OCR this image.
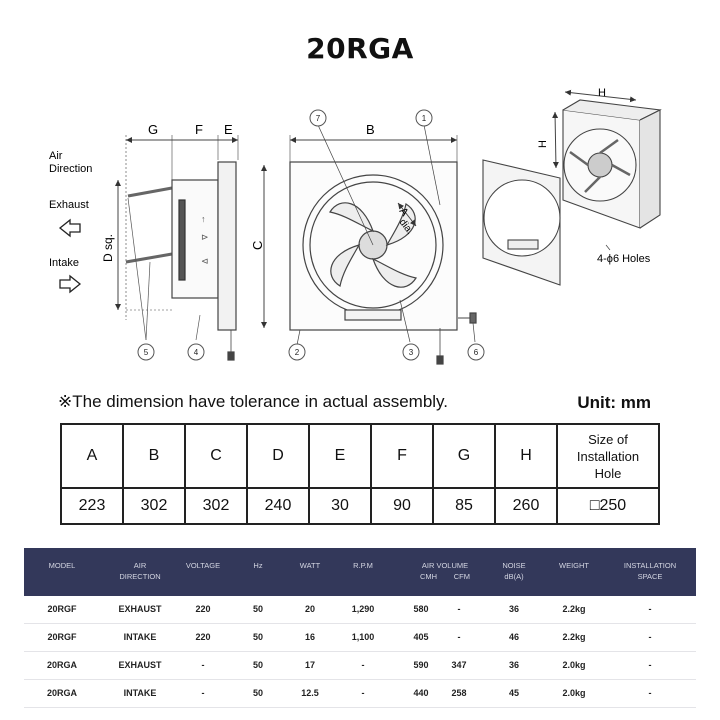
20RGA
G	F E
D sq.
↑
⊳
⊲
Air
Direction
Exhaust
Intake
B
C
A
dia.
H
H
4-ϕ6 Holes
1
2	3
4
5	6
7
※The dimension have tolerance in actual assembly.	Unit: mm
A	B	C	D	E	F	G	H	Size of
Installation
Hole

223	302	302	240	30	90	85	260	□250
MODEL	AIR
DIRECTION
VOLTAGE	Hz	WATT	R.P.M	AIR VOLUME
CMH CFM
NOISE
dB(A)
WEIGHT	INSTALLATION
SPACE
20RGF	EXHAUST	220	50	20	1,290	580	-	36	2.2kg	-
20RGF	INTAKE	220	50	16	1,100	405	-	46	2.2kg	-
20RGA	EXHAUST	-	50	17	-	590	347	36	2.0kg	-
20RGA	INTAKE	-	50	12.5	-	440	258	45	2.0kg	-
